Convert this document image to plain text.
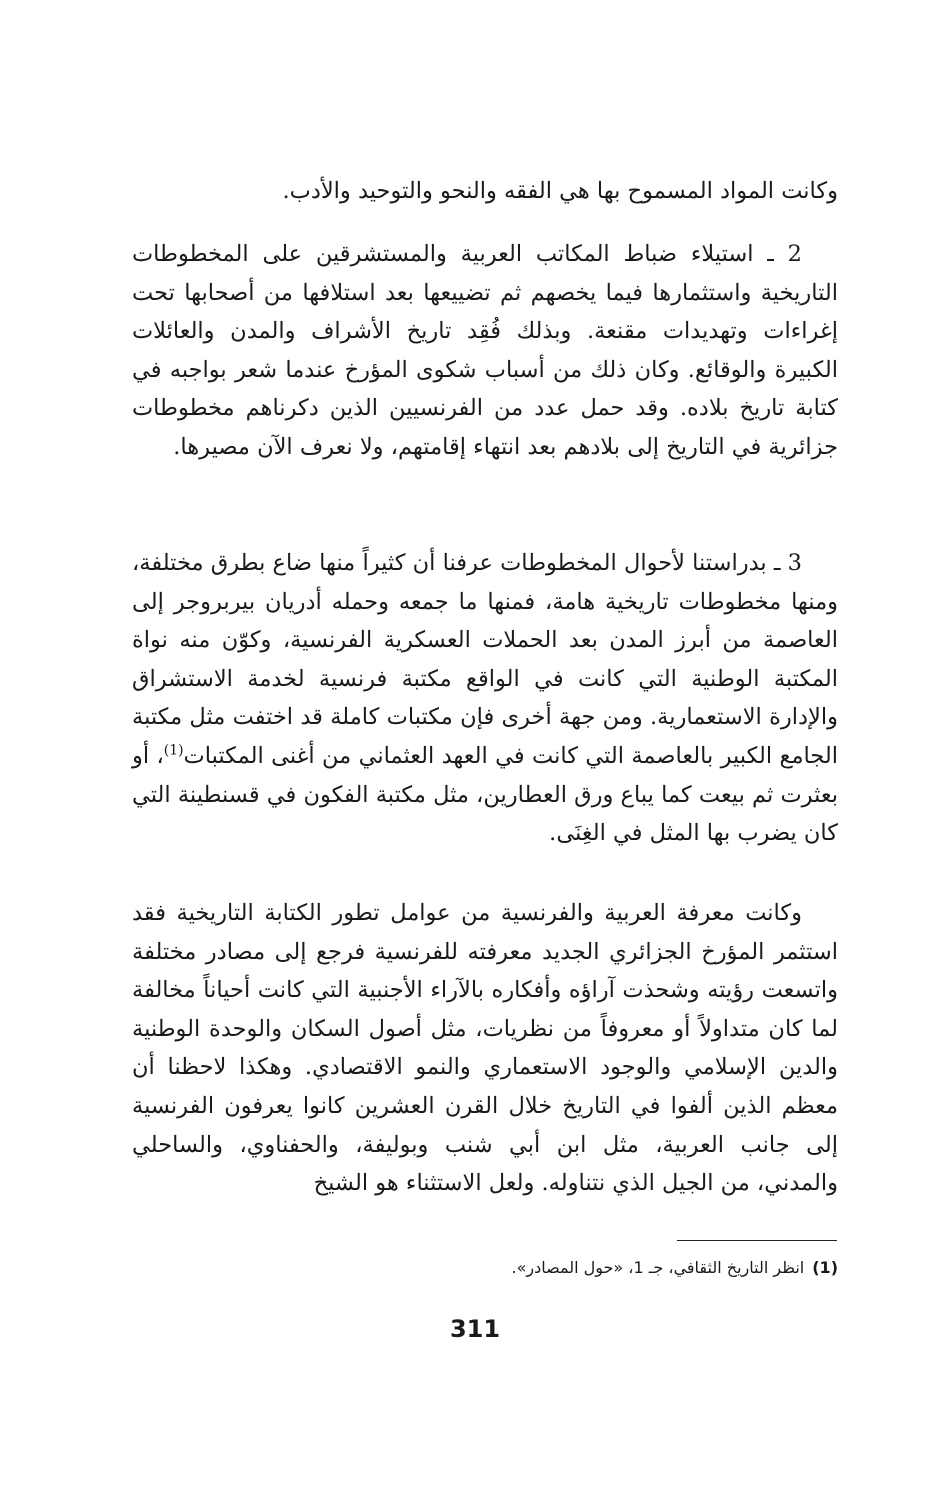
وكانت المواد المسموح بها هي الفقه والنحو والتوحيد والأدب.

2 ـ استيلاء ضباط المكاتب العربية والمستشرقين على المخطوطات التاريخية واستثمارها فيما يخصهم ثم تضييعها بعد استلافها من أصحابها تحت إغراءات وتهديدات مقنعة. وبذلك فُقِد تاريخ الأشراف والمدن والعائلات الكبيرة والوقائع. وكان ذلك من أسباب شكوى المؤرخ عندما شعر بواجبه في كتابة تاريخ بلاده. وقد حمل عدد من الفرنسيين الذين دكرناهم مخطوطات جزائرية في التاريخ إلى بلادهم بعد انتهاء إقامتهم، ولا نعرف الآن مصيرها.

3 ـ بدراستنا لأحوال المخطوطات عرفنا أن كثيراً منها ضاع بطرق مختلفة، ومنها مخطوطات تاريخية هامة، فمنها ما جمعه وحمله أدريان بيربروجر إلى العاصمة من أبرز المدن بعد الحملات العسكرية الفرنسية، وكوّن منه نواة المكتبة الوطنية التي كانت في الواقع مكتبة فرنسية لخدمة الاستشراق والإدارة الاستعمارية. ومن جهة أخرى فإن مكتبات كاملة قد اختفت مثل مكتبة الجامع الكبير بالعاصمة التي كانت في العهد العثماني من أغنى المكتبات$^{(1)}$، أو بعثرت ثم بيعت كما يباع ورق العطارين، مثل مكتبة الفكون في قسنطينة التي كان يضرب بها المثل في الغِنَى.

وكانت معرفة العربية والفرنسية من عوامل تطور الكتابة التاريخية فقد استثمر المؤرخ الجزائري الجديد معرفته للفرنسية فرجع إلى مصادر مختلفة واتسعت رؤيته وشحذت آراؤه وأفكاره بالآراء الأجنبية التي كانت أحياناً مخالفة لما كان متداولاً أو معروفاً من نظريات، مثل أصول السكان والوحدة الوطنية والدين الإسلامي والوجود الاستعماري والنمو الاقتصادي. وهكذا لاحظنا أن معظم الذين ألفوا في التاريخ خلال القرن العشرين كانوا يعرفون الفرنسية إلى جانب العربية، مثل ابن أبي شنب وبوليفة، والحفناوي، والساحلي والمدني، من الجيل الذي نتناوله. ولعل الاستثناء هو الشيخ

(1)انظر التاريخ الثقافي، جـ 1، «حول المصادر».
311
